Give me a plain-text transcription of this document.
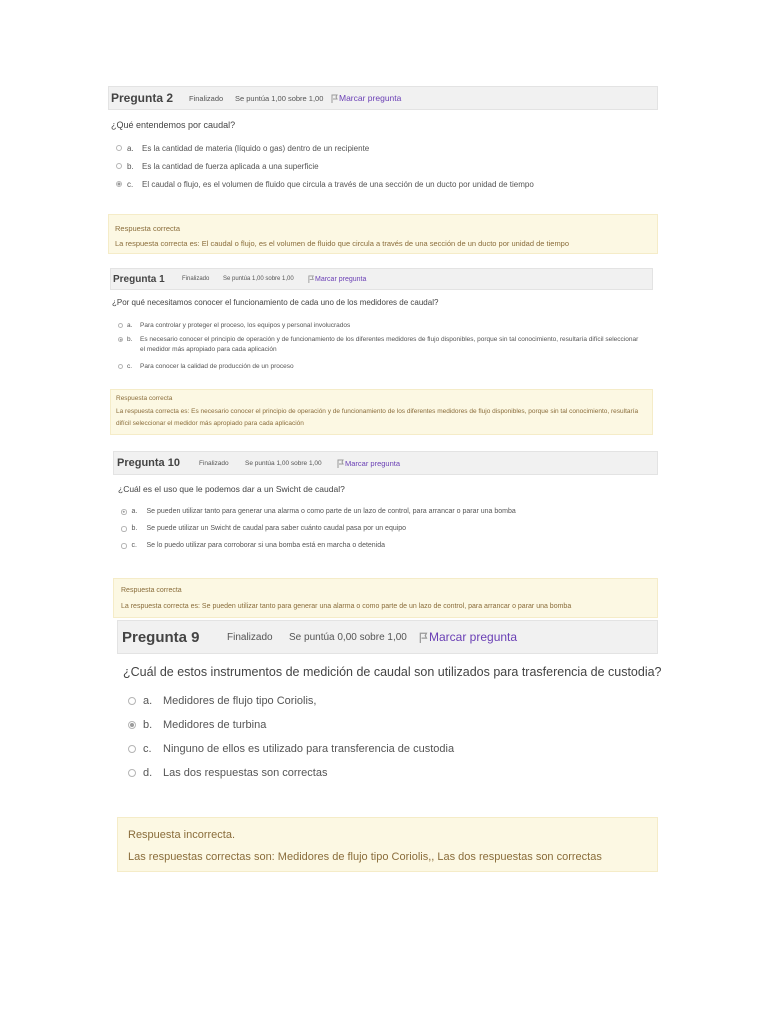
Pregunta 2	Finalizado	Se puntúa 1,00 sobre 1,00	Marcar pregunta
¿Qué entendemos por caudal?
a.	Es la cantidad de materia (líquido o gas) dentro de un recipiente
b.	Es la cantidad de fuerza aplicada a una superficie
c.	El caudal o flujo, es el volumen de fluido que circula a través de una sección de un ducto por unidad de tiempo
Respuesta correcta
La respuesta correcta es: El caudal o flujo, es el volumen de fluido que circula a través de una sección de un ducto por unidad de tiempo
Pregunta 1	Finalizado	Se puntúa 1,00 sobre 1,00	Marcar pregunta
¿Por qué necesitamos conocer el funcionamiento de cada uno de los medidores de caudal?
a.	Para controlar y proteger el proceso, los equipos y personal involucrados
b.	Es necesario conocer el principio de operación y de funcionamiento de los diferentes medidores de flujo disponibles, porque sin tal conocimiento, resultaría difícil seleccionar el medidor más apropiado para cada aplicación
c.	Para conocer la calidad de producción de un proceso
Respuesta correcta
La respuesta correcta es: Es necesario conocer el principio de operación y de funcionamiento de los diferentes medidores de flujo disponibles, porque sin tal conocimiento, resultaría difícil seleccionar el medidor más apropiado para cada aplicación
Pregunta 10	Finalizado	Se puntúa 1,00 sobre 1,00	Marcar pregunta
¿Cuál es el uso que le podemos dar a un Swicht de caudal?
a.	Se pueden utilizar tanto para generar una alarma o como parte de un lazo de control, para arrancar o parar una bomba
b.	Se puede utilizar un Swicht de caudal para saber cuánto caudal pasa por un equipo
c.	Se lo puedo utilizar para corroborar si una bomba está en marcha o detenida
Respuesta correcta
La respuesta correcta es: Se pueden utilizar tanto para generar una alarma o como parte de un lazo de control, para arrancar o parar una bomba
Pregunta 9	Finalizado	Se puntúa 0,00 sobre 1,00	Marcar pregunta
¿Cuál de estos instrumentos de medición de caudal son utilizados para trasferencia de custodia?
a. Medidores de flujo tipo Coriolis,
b. Medidores de turbina
c.	Ninguno de ellos es utilizado para transferencia de custodia
d. Las dos respuestas son correctas
Respuesta incorrecta.
Las respuestas correctas son: Medidores de flujo tipo Coriolis,, Las dos respuestas son correctas
